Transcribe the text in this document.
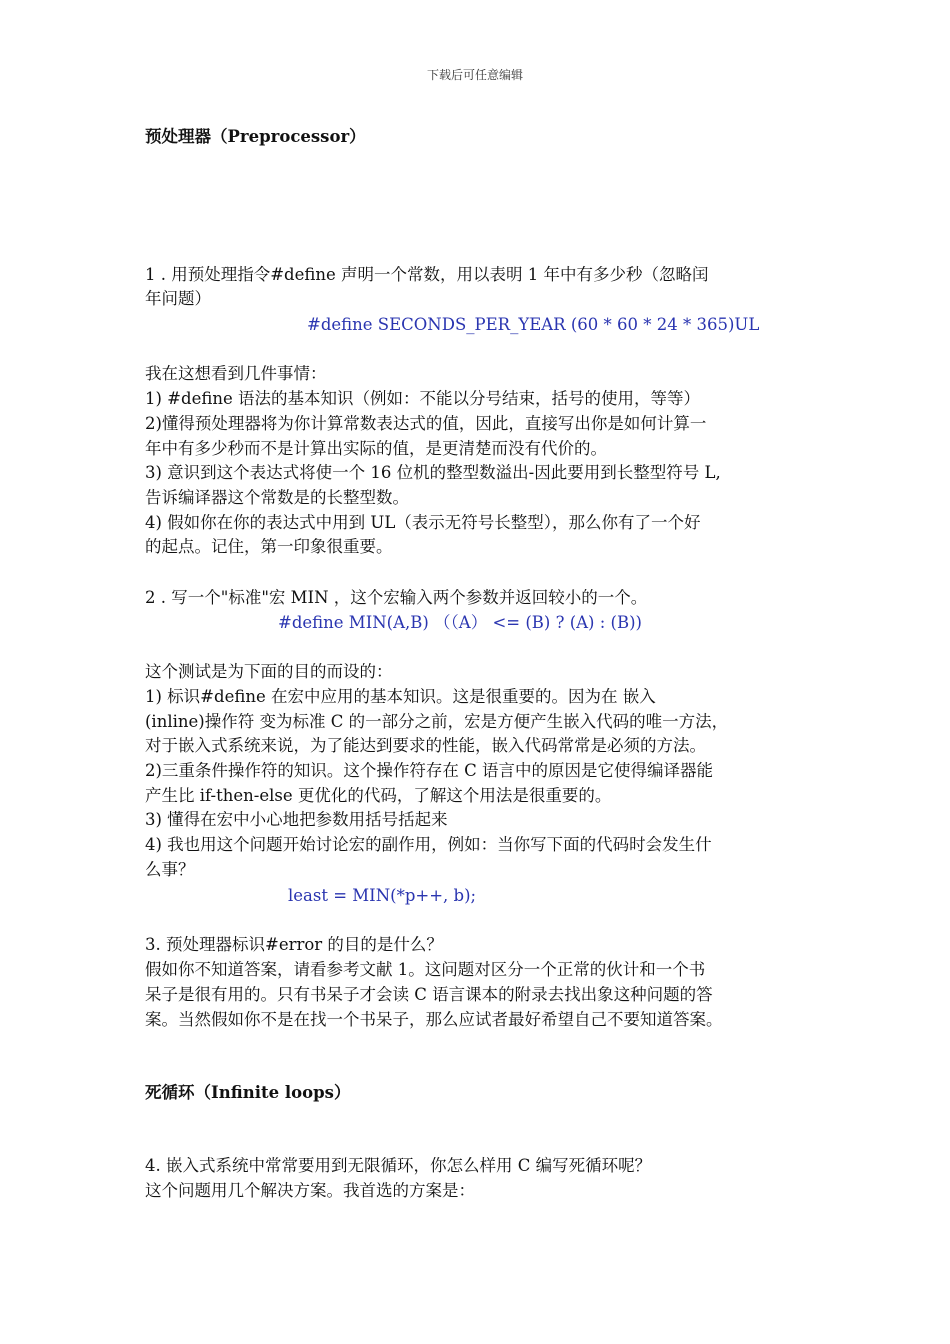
下载后可任意编辑
预处理器（Preprocessor）
1 . 用预处理指令#define 声明一个常数，用以表明 1 年中有多少秒（忽略闰
年问题）
#define SECONDS_PER_YEAR (60 * 60 * 24 * 365)UL
我在这想看到几件事情：
1) #define 语法的基本知识（例如：不能以分号结束，括号的使用，等等）
2)懂得预处理器将为你计算常数表达式的值，因此，直接写出你是如何计算一
年中有多少秒而不是计算出实际的值，是更清楚而没有代价的。
3) 意识到这个表达式将使一个 16 位机的整型数溢出-因此要用到长整型符号 L,
告诉编译器这个常数是的长整型数。
4) 假如你在你的表达式中用到 UL（表示无符号长整型），那么你有了一个好
的起点。记住，第一印象很重要。
2 . 写一个"标准"宏 MIN ，这个宏输入两个参数并返回较小的一个。
#define MIN(A,B) （（A） <= (B) ? (A) : (B))
这个测试是为下面的目的而设的：
1) 标识#define 在宏中应用的基本知识。这是很重要的。因为在 嵌入
(inline)操作符 变为标准 C 的一部分之前，宏是方便产生嵌入代码的唯一方法，
对于嵌入式系统来说，为了能达到要求的性能，嵌入代码常常是必须的方法。
2)三重条件操作符的知识。这个操作符存在 C 语言中的原因是它使得编译器能
产生比 if-then-else 更优化的代码，了解这个用法是很重要的。
3) 懂得在宏中小心地把参数用括号括起来
4) 我也用这个问题开始讨论宏的副作用，例如：当你写下面的代码时会发生什
么事？
least = MIN(*p++, b);
3. 预处理器标识#error 的目的是什么？
假如你不知道答案，请看参考文献 1。这问题对区分一个正常的伙计和一个书
呆子是很有用的。只有书呆子才会读 C 语言课本的附录去找出象这种问题的答
案。当然假如你不是在找一个书呆子，那么应试者最好希望自己不要知道答案。
死循环（Infinite loops）
4. 嵌入式系统中常常要用到无限循环，你怎么样用 C 编写死循环呢？
这个问题用几个解决方案。我首选的方案是：
